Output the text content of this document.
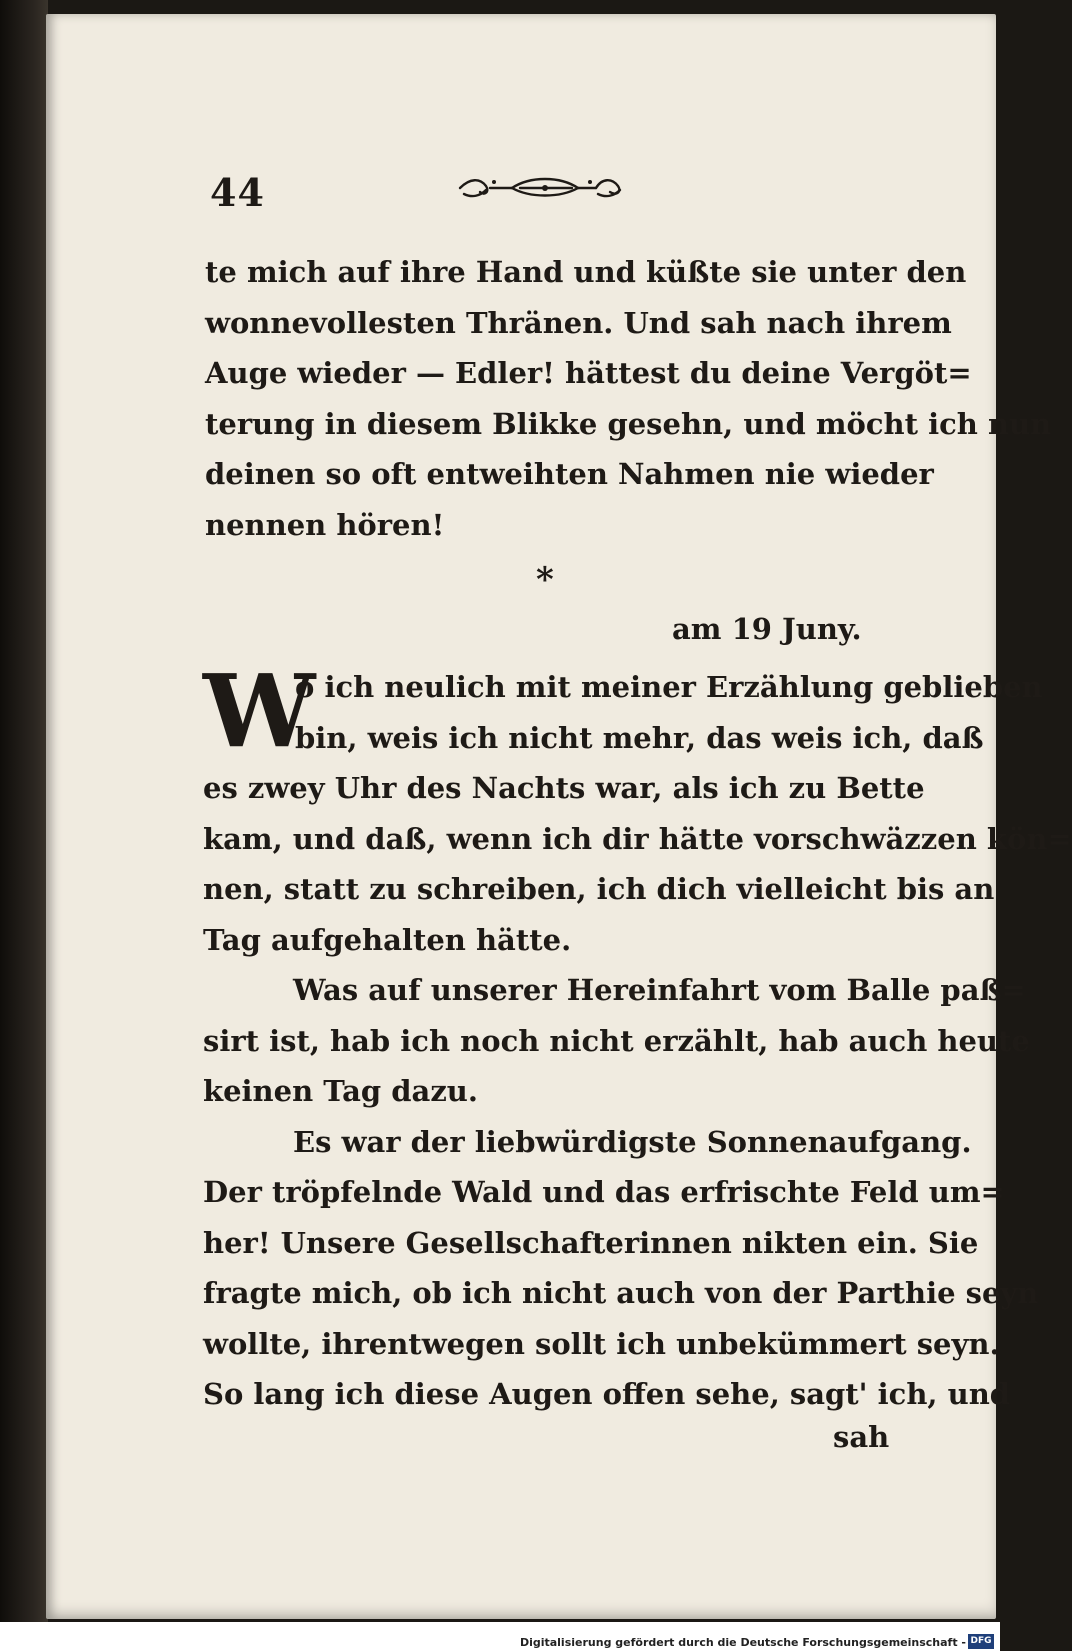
44
te mich auf ihre Hand und küßte sie unter den
wonnevollesten Thränen. Und sah nach ihrem
Auge wieder — Edler! hättest du deine Vergöt=
terung in diesem Blikke gesehn, und möcht ich nun
deinen so oft entweihten Nahmen nie wieder
nennen hören!
*
am 19 Juny.
W
o ich neulich mit meiner Erzählung geblieben
bin, weis ich nicht mehr, das weis ich, daß
es zwey Uhr des Nachts war, als ich zu Bette
kam, und daß, wenn ich dir hätte vorschwäzzen kön=
nen, statt zu schreiben, ich dich vielleicht bis an
Tag aufgehalten hätte.
Was auf unserer Hereinfahrt vom Balle paß=
sirt ist, hab ich noch nicht erzählt, hab auch heute
keinen Tag dazu.
Es war der liebwürdigste Sonnenaufgang.
Der tröpfelnde Wald und das erfrischte Feld um=
her! Unsere Gesellschafterinnen nikten ein. Sie
fragte mich, ob ich nicht auch von der Parthie seyn
wollte, ihrentwegen sollt ich unbekümmert seyn.
So lang ich diese Augen offen sehe, sagt' ich, und
sah
Digitalisierung gefördert durch die Deutsche Forschungsgemeinschaft - DFG
